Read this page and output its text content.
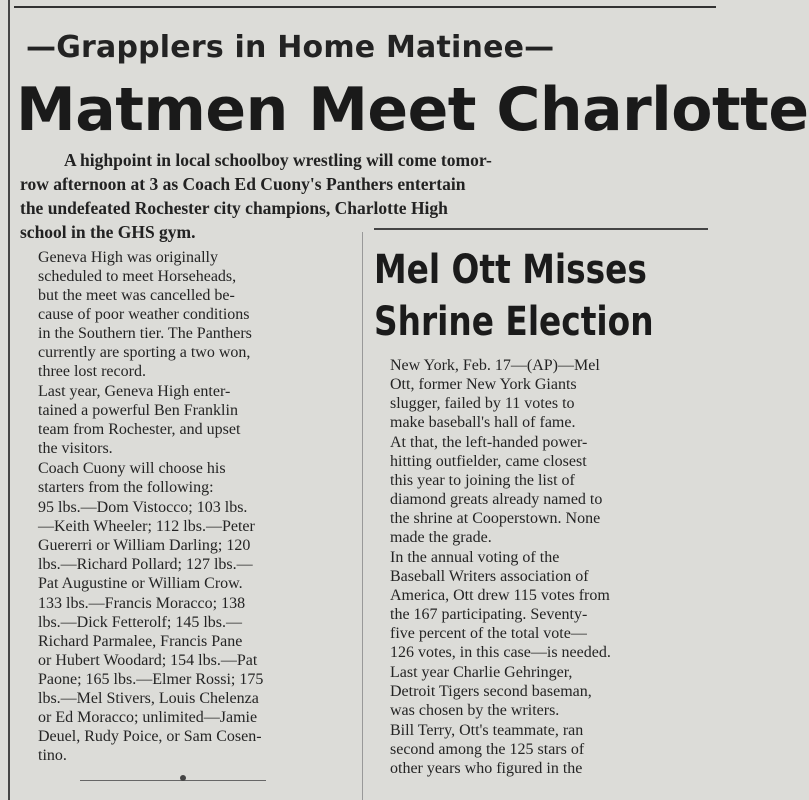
—Grapplers in Home Matinee—
Matmen Meet Charlotte
A highpoint in local schoolboy wrestling will come tomor-
row afternoon at 3 as Coach Ed Cuony's Panthers entertain
the undefeated Rochester city champions, Charlotte High
school in the GHS gym.

Geneva High was originally
scheduled to meet Horseheads,
but the meet was cancelled be-
cause of poor weather conditions
in the Southern tier. The Panthers
currently are sporting a two won,
three lost record.

Last year, Geneva High enter-
tained a powerful Ben Franklin
team from Rochester, and upset
the visitors.

Coach Cuony will choose his
starters from the following:

95 lbs.—Dom Vistocco; 103 lbs.
—Keith Wheeler; 112 lbs.—Peter
Guererri or William Darling; 120
lbs.—Richard Pollard; 127 lbs.—
Pat Augustine or William Crow.

133 lbs.—Francis Moracco; 138
lbs.—Dick Fetterolf; 145 lbs.—
Richard Parmalee, Francis Pane
or Hubert Woodard; 154 lbs.—Pat
Paone; 165 lbs.—Elmer Rossi; 175
lbs.—Mel Stivers, Louis Chelenza
or Ed Moracco; unlimited—Jamie
Deuel, Rudy Poice, or Sam Cosen-
tino.

Mel Ott Misses
Shrine Election

New York, Feb. 17—(AP)—Mel
Ott, former New York Giants
slugger, failed by 11 votes to
make baseball's hall of fame.

At that, the left-handed power-
hitting outfielder, came closest
this year to joining the list of
diamond greats already named to
the shrine at Cooperstown. None
made the grade.

In the annual voting of the
Baseball Writers association of
America, Ott drew 115 votes from
the 167 participating. Seventy-
five percent of the total vote—
126 votes, in this case—is needed.

Last year Charlie Gehringer,
Detroit Tigers second baseman,
was chosen by the writers.

Bill Terry, Ott's teammate, ran
second among the 125 stars of
other years who figured in the
